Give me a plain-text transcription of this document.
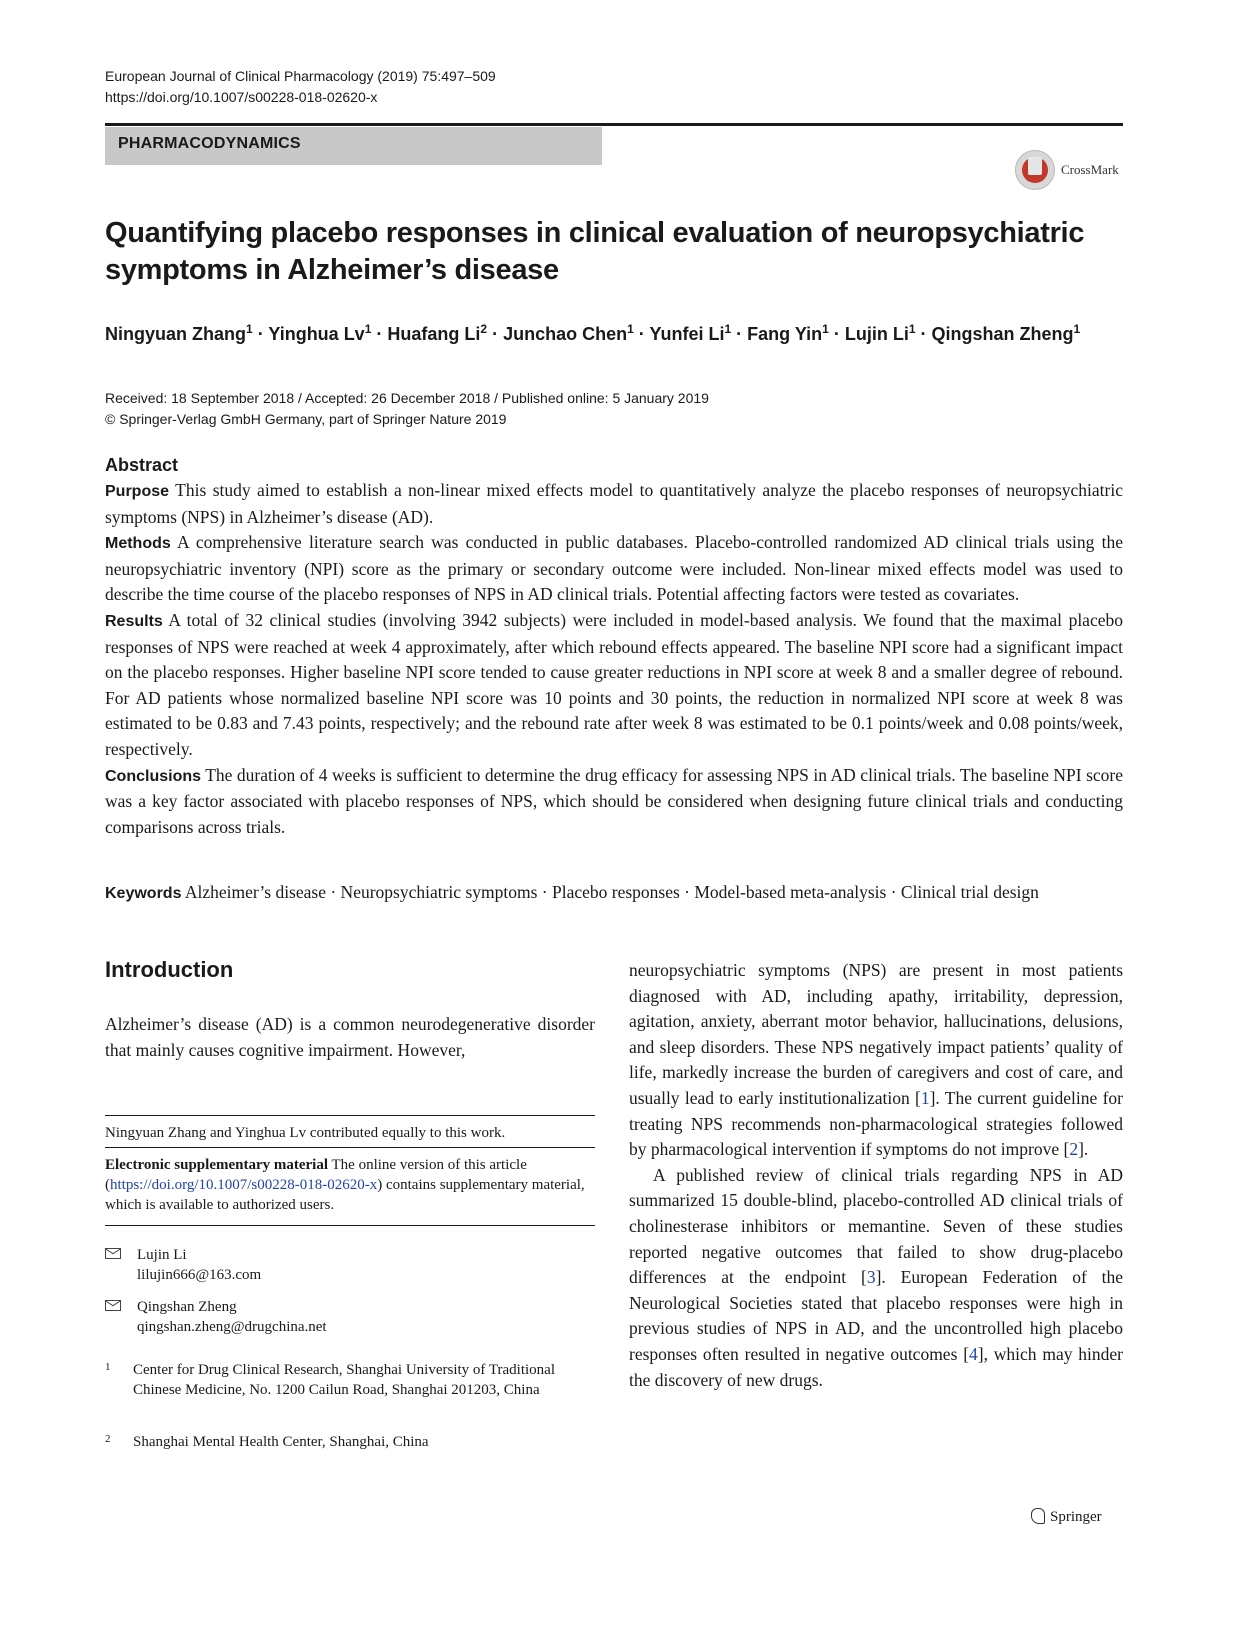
European Journal of Clinical Pharmacology (2019) 75:497–509
https://doi.org/10.1007/s00228-018-02620-x
PHARMACODYNAMICS
CrossMark
Quantifying placebo responses in clinical evaluation of neuropsychiatric
symptoms in Alzheimer’s disease
Ningyuan Zhang$^1$ · Yinghua $Lv^1$ · Huafang $Li^2$ · Junchao Chen$^1$ · Yunfei $Li^1$ · Fang Yin$^1$ · Lujin $Li^1$ · Qingshan Zheng$^1$
Received: 18 September 2018 / Accepted: 26 December 2018 / Published online: 5 January 2019
© Springer-Verlag GmbH Germany, part of Springer Nature 2019
Abstract

Purpose This study aimed to establish a non-linear mixed effects model to quantitatively analyze the placebo responses of neuropsychiatric symptoms (NPS) in Alzheimer’s disease (AD).

Methods A comprehensive literature search was conducted in public databases. Placebo-controlled randomized AD clinical trials using the neuropsychiatric inventory (NPI) score as the primary or secondary outcome were included. Non-linear mixed effects model was used to describe the time course of the placebo responses of NPS in AD clinical trials. Potential affecting factors were tested as covariates.

Results A total of 32 clinical studies (involving 3942 subjects) were included in model-based analysis. We found that the maximal placebo responses of NPS were reached at week 4 approximately, after which rebound effects appeared. The baseline NPI score had a significant impact on the placebo responses. Higher baseline NPI score tended to cause greater reductions in NPI score at week 8 and a smaller degree of rebound. For AD patients whose normalized baseline NPI score was 10 points and 30 points, the reduction in normalized NPI score at week 8 was estimated to be 0.83 and 7.43 points, respectively; and the rebound rate after week 8 was estimated to be 0.1 points/week and 0.08 points/week, respectively.

Conclusions The duration of 4 weeks is sufficient to determine the drug efficacy for assessing NPS in AD clinical trials. The baseline NPI score was a key factor associated with placebo responses of NPS, which should be considered when designing future clinical trials and conducting comparisons across trials.

Keywords Alzheimer’s disease · Neuropsychiatric symptoms · Placebo responses · Model-based meta-analysis · Clinical trial design
Introduction
Alzheimer’s disease (AD) is a common neurodegenerative disorder that mainly causes cognitive impairment. However,

neuropsychiatric symptoms (NPS) are present in most patients diagnosed with AD, including apathy, irritability, depression, agitation, anxiety, aberrant motor behavior, hallucinations, delusions, and sleep disorders. These NPS negatively impact patients’ quality of life, markedly increase the burden of caregivers and cost of care, and usually lead to early institutionalization [1]. The current guideline for treating NPS recommends non-pharmacological strategies followed by pharmacological intervention if symptoms do not improve [2].

A published review of clinical trials regarding NPS in AD summarized 15 double-blind, placebo-controlled AD clinical trials of cholinesterase inhibitors or memantine. Seven of these studies reported negative outcomes that failed to show drug-placebo differences at the endpoint [3]. European Federation of the Neurological Societies stated that placebo responses were high in previous studies of NPS in AD, and the uncontrolled high placebo responses often resulted in negative outcomes [4], which may hinder the discovery of new drugs.

Ningyuan Zhang and Yinghua Lv contributed equally to this work.
Electronic supplementary material The online version of this article (https://doi.org/10.1007/s00228-018-02620-x) contains supplementary material, which is available to authorized users.
Lujin Li
lilujin666@163.com
Qingshan Zheng
qingshan.zheng@drugchina.net
1 Center for Drug Clinical Research, Shanghai University of Traditional Chinese Medicine, No. 1200 Cailun Road, Shanghai 201203, China
2 Shanghai Mental Health Center, Shanghai, China
Springer
